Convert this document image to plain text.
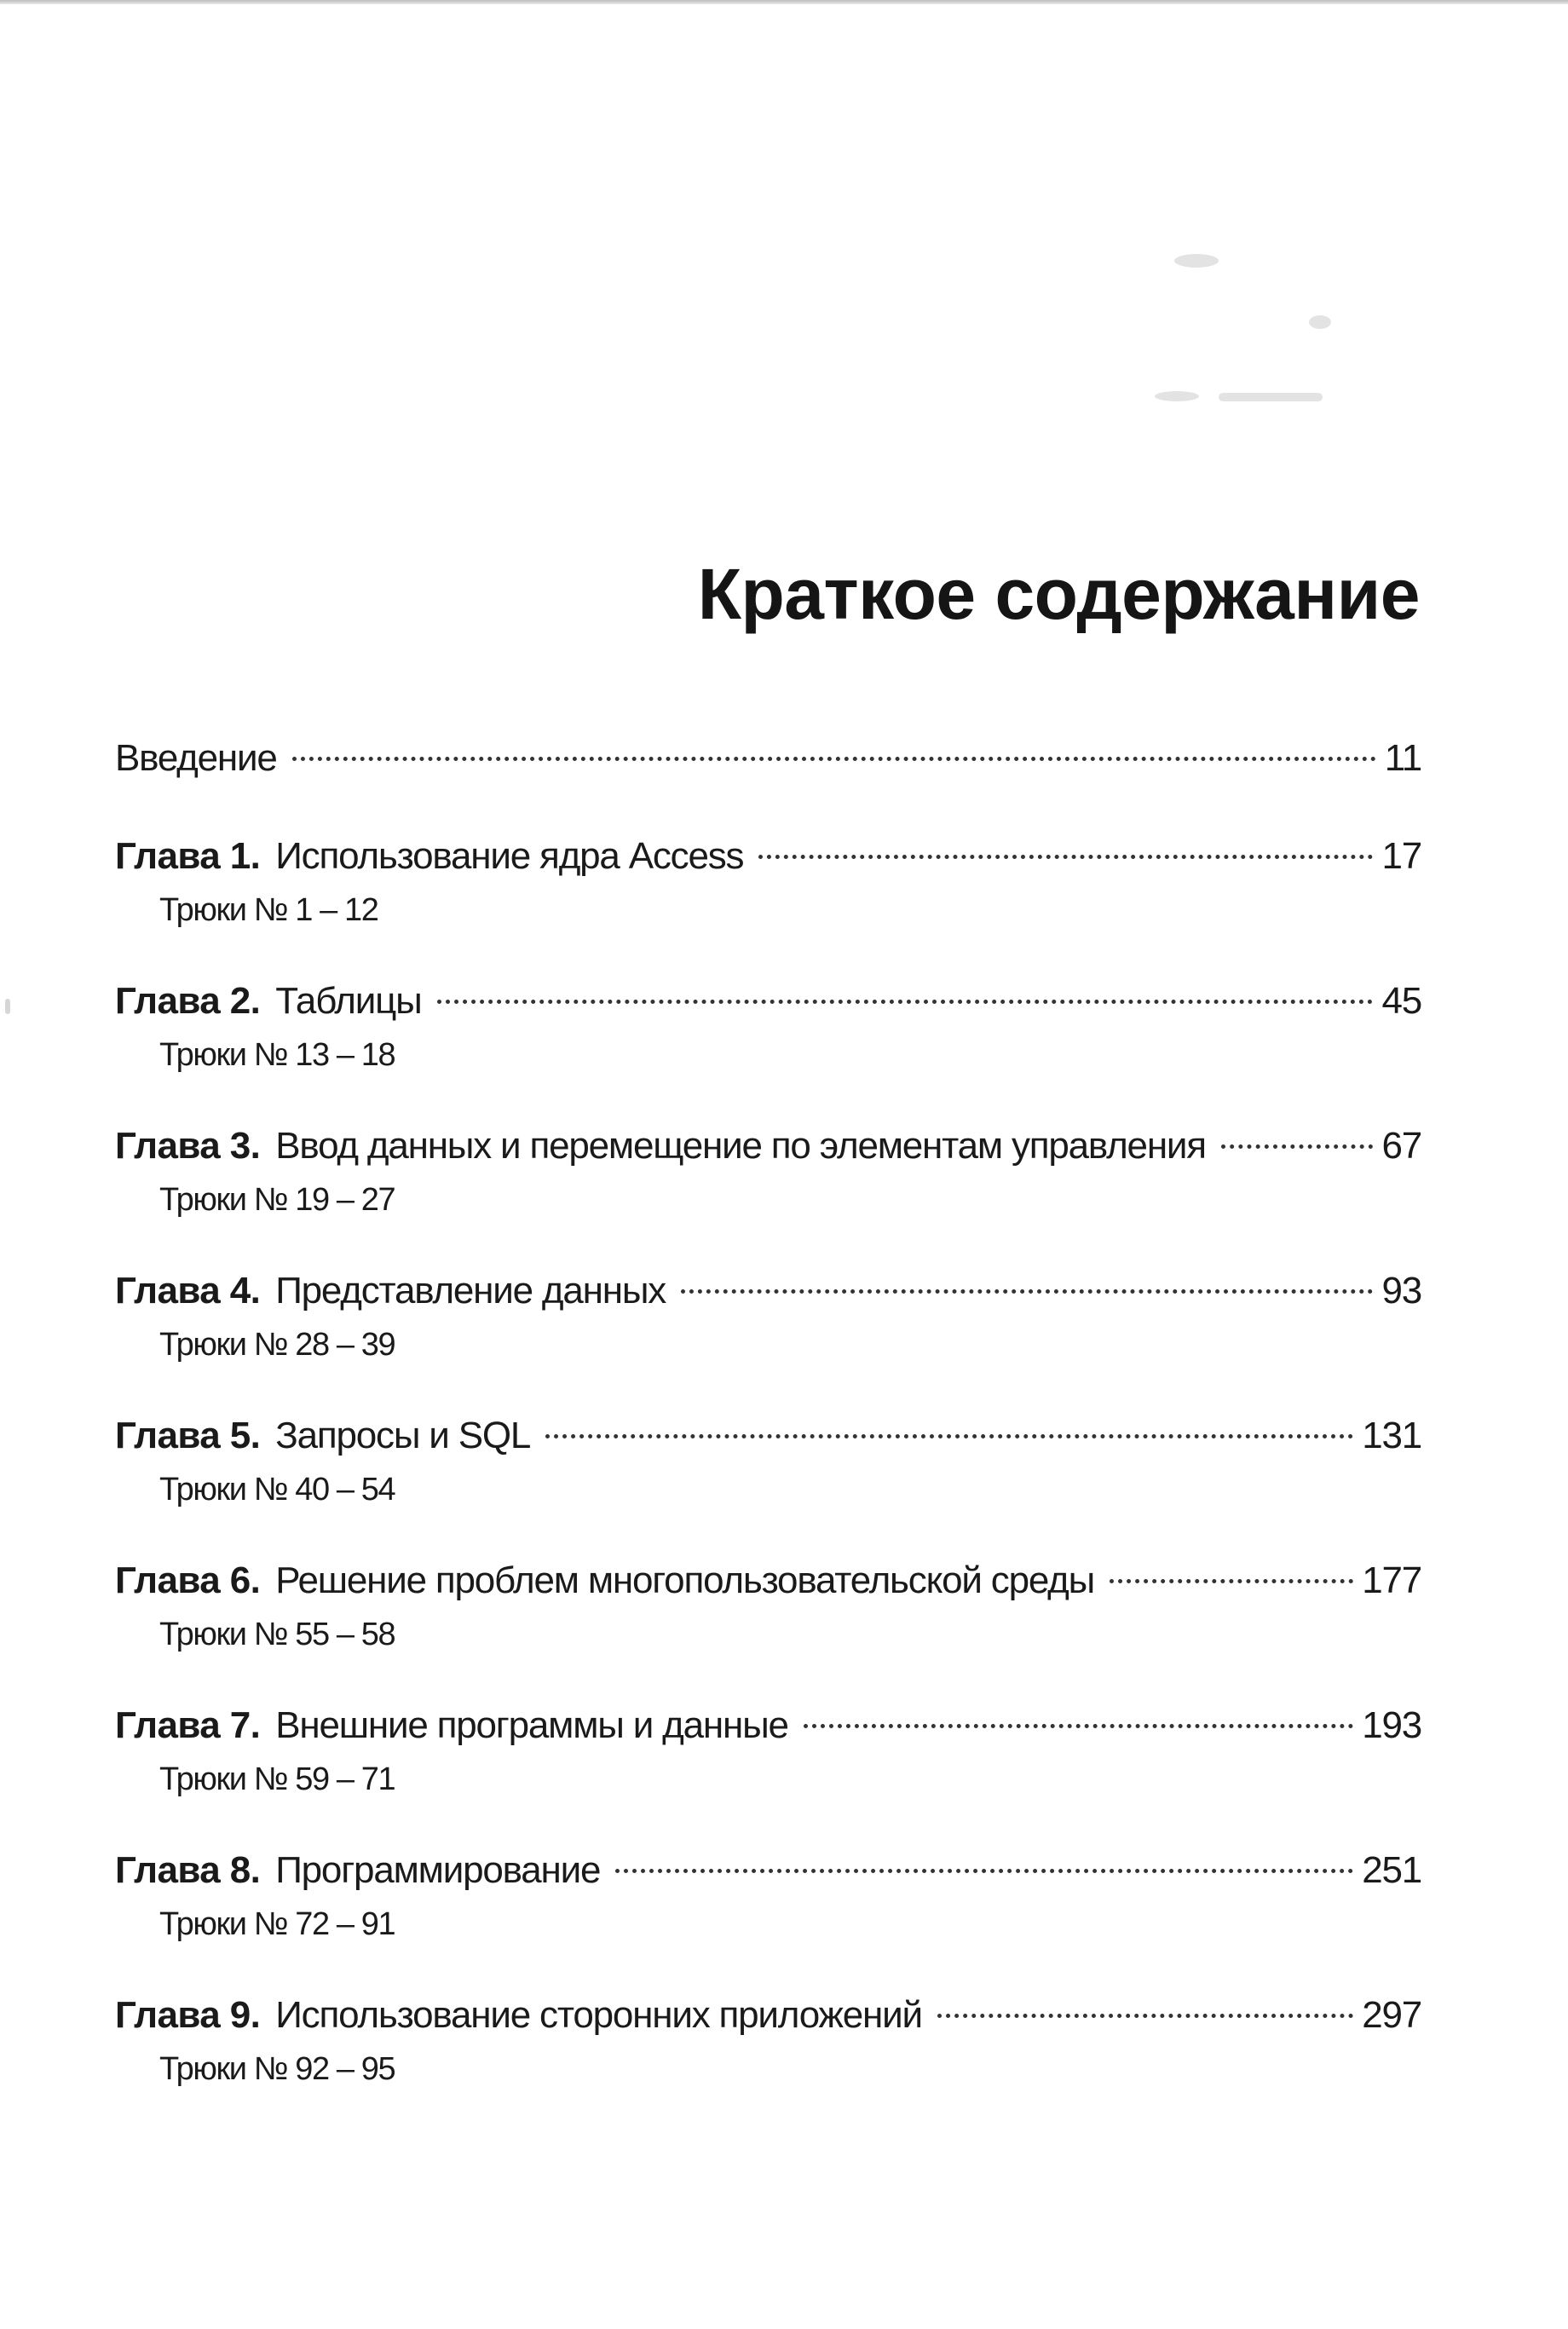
Краткое содержание
Введение	11
Глава 1. Использование ядра Access	17
Трюки № 1 – 12
Глава 2. Таблицы	45
Трюки № 13 – 18
Глава 3. Ввод данных и перемещение по элементам управления	67
Трюки № 19 – 27
Глава 4. Представление данных	93
Трюки № 28 – 39
Глава 5. Запросы и SQL	131
Трюки № 40 – 54
Глава 6. Решение проблем многопользовательской среды	177
Трюки № 55 – 58
Глава 7. Внешние программы и данные	193
Трюки № 59 – 71
Глава 8. Программирование	251
Трюки № 72 – 91
Глава 9. Использование сторонних приложений	297
Трюки № 92 – 95
